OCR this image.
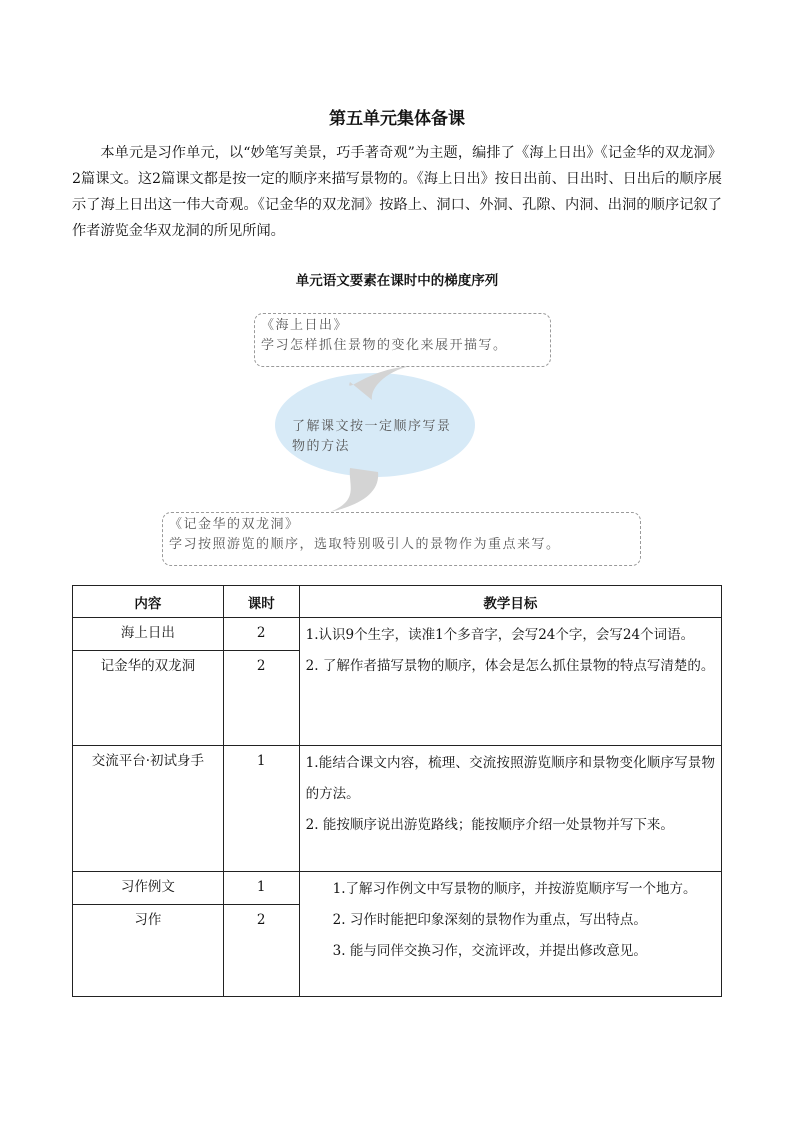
第五单元集体备课

本单元是习作单元，以“妙笔写美景，巧手著奇观”为主题，编排了《海上日出》《记金华的双龙洞》2篇课文。这2篇课文都是按一定的顺序来描写景物的。《海上日出》按日出前、日出时、日出后的顺序展示了海上日出这一伟大奇观。《记金华的双龙洞》按路上、洞口、外洞、孔隙、内洞、出洞的顺序记叙了作者游览金华双龙洞的所见所闻。

单元语文要素在课时中的梯度序列
《海上日出》
学习怎样抓住景物的变化来展开描写。
了解课文按一定顺序写景物的方法
《记金华的双龙洞》
学习按照游览的顺序，选取特别吸引人的景物作为重点来写。
内容	课时	教学目标
海上日出	2	1.认识9个生字，读准1个多音字，会写24个字，会写24个词语。

2. 了解作者描写景物的顺序，体会是怎么抓住景物的特点写清楚的。

记金华的双龙洞	2	
交流平台·初试身手	1	1.能结合课文内容，梳理、交流按照游览顺序和景物变化顺序写景物的方法。

2. 能按顺序说出游览路线；能按顺序介绍一处景物并写下来。

习作例文	1	1.了解习作例文中写景物的顺序，并按游览顺序写一个地方。

2. 习作时能把印象深刻的景物作为重点，写出特点。

3. 能与同伴交换习作，交流评改，并提出修改意见。

习作	2	
